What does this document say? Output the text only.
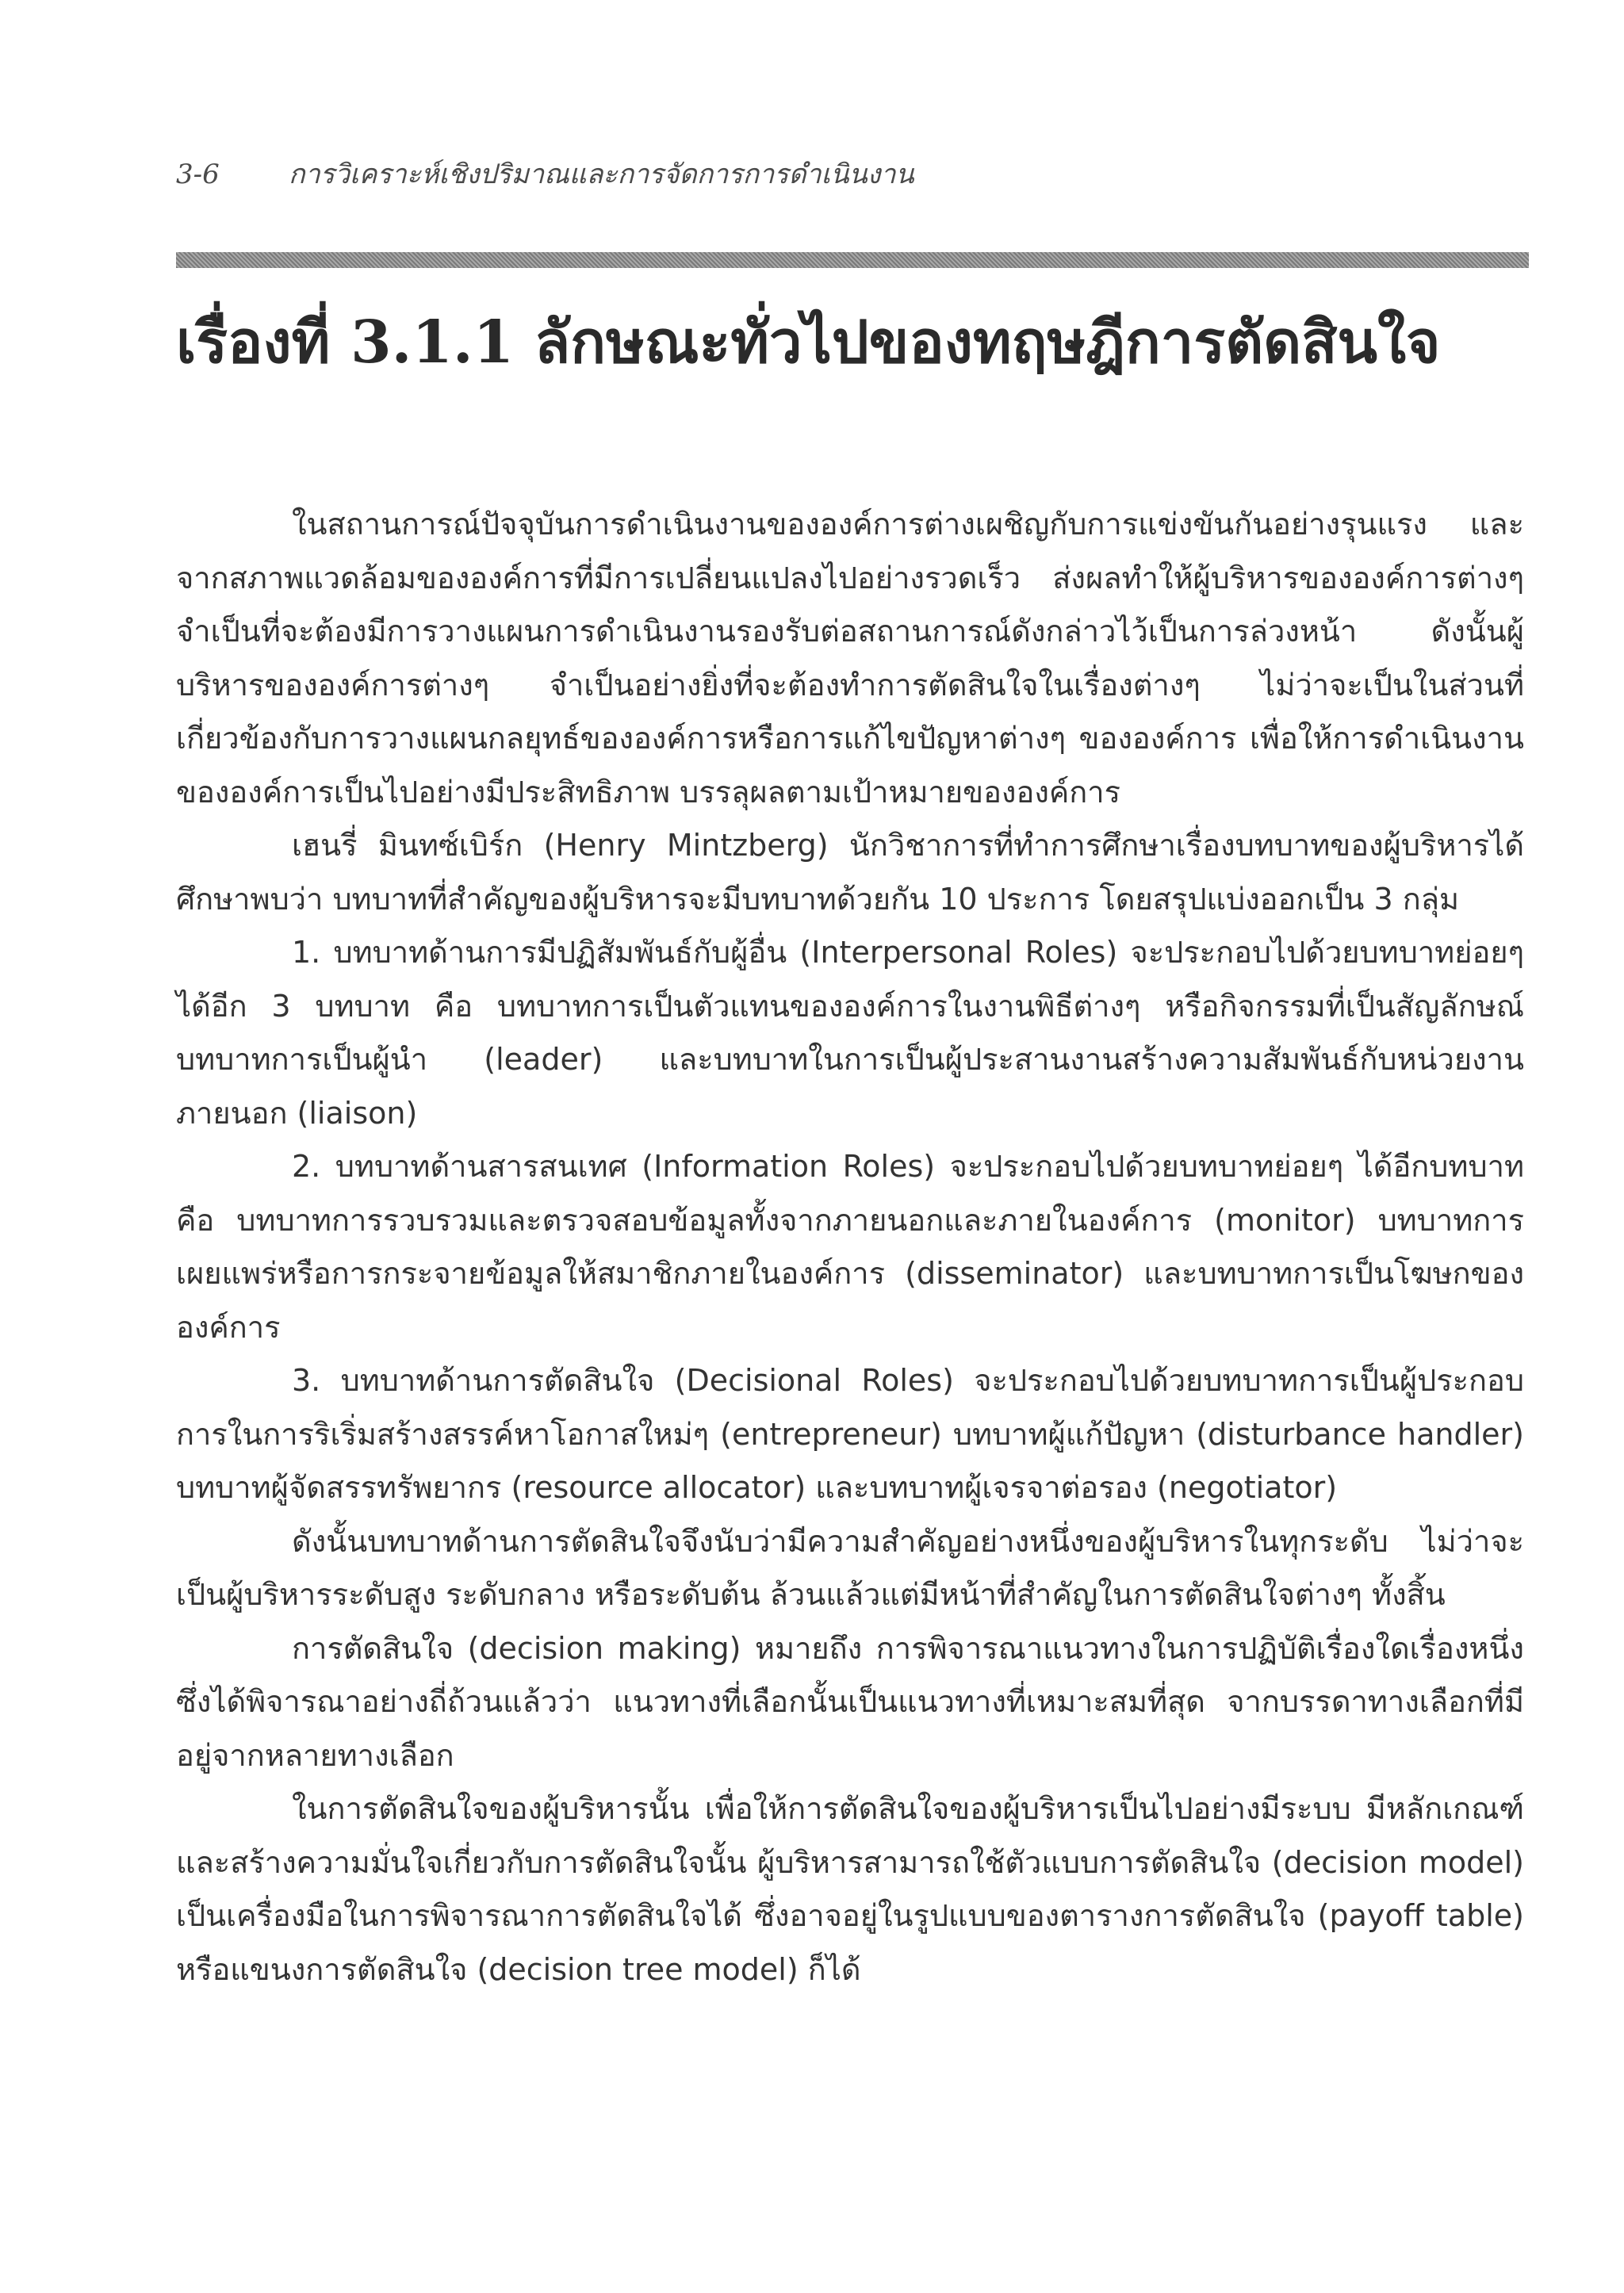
3-6	การวิเคราะห์เชิงปริมาณและการจัดการการดำเนินงาน
เรื่องที่ 3.1.1 ลักษณะทั่วไปของทฤษฎีการตัดสินใจ

ในสถานการณ์ปัจจุบันการดำเนินงานขององค์การต่างเผชิญกับการแข่งขันกันอย่างรุนแรง และจากสภาพแวดล้อมขององค์การที่มีการเปลี่ยนแปลงไปอย่างรวดเร็ว ส่งผลทำให้ผู้บริหารขององค์การต่างๆ จำเป็นที่จะต้องมีการวางแผนการดำเนินงานรองรับต่อสถานการณ์ดังกล่าวไว้เป็นการล่วงหน้า ดังนั้นผู้บริหารขององค์การต่างๆ จำเป็นอย่างยิ่งที่จะต้องทำการตัดสินใจในเรื่องต่างๆ ไม่ว่าจะเป็นในส่วนที่เกี่ยวข้องกับการวางแผนกลยุทธ์ขององค์การหรือการแก้ไขปัญหาต่างๆ ขององค์การ เพื่อให้การดำเนินงานขององค์การเป็นไปอย่างมีประสิทธิภาพ บรรลุผลตามเป้าหมายขององค์การ

เฮนรี่ มินทซ์เบิร์ก (Henry Mintzberg) นักวิชาการที่ทำการศึกษาเรื่องบทบาทของผู้บริหารได้ศึกษาพบว่า บทบาทที่สำคัญของผู้บริหารจะมีบทบาทด้วยกัน 10 ประการ โดยสรุปแบ่งออกเป็น 3 กลุ่ม

1. บทบาทด้านการมีปฏิสัมพันธ์กับผู้อื่น (Interpersonal Roles) จะประกอบไปด้วยบทบาทย่อยๆ ได้อีก 3 บทบาท คือ บทบาทการเป็นตัวแทนขององค์การในงานพิธีต่างๆ หรือกิจกรรมที่เป็นสัญลักษณ์ บทบาทการเป็นผู้นำ (leader) และบทบาทในการเป็นผู้ประสานงานสร้างความสัมพันธ์กับหน่วยงานภายนอก (liaison)

2. บทบาทด้านสารสนเทศ (Information Roles) จะประกอบไปด้วยบทบาทย่อยๆ ได้อีกบทบาทคือ บทบาทการรวบรวมและตรวจสอบข้อมูลทั้งจากภายนอกและภายในองค์การ (monitor) บทบาทการเผยแพร่หรือการกระจายข้อมูลให้สมาชิกภายในองค์การ (disseminator) และบทบาทการเป็นโฆษกขององค์การ

3. บทบาทด้านการตัดสินใจ (Decisional Roles) จะประกอบไปด้วยบทบาทการเป็นผู้ประกอบการในการริเริ่มสร้างสรรค์หาโอกาสใหม่ๆ (entrepreneur) บทบาทผู้แก้ปัญหา (disturbance handler) บทบาทผู้จัดสรรทรัพยากร (resource allocator) และบทบาทผู้เจรจาต่อรอง (negotiator)

ดังนั้นบทบาทด้านการตัดสินใจจึงนับว่ามีความสำคัญอย่างหนึ่งของผู้บริหารในทุกระดับ ไม่ว่าจะเป็นผู้บริหารระดับสูง ระดับกลาง หรือระดับต้น ล้วนแล้วแต่มีหน้าที่สำคัญในการตัดสินใจต่างๆ ทั้งสิ้น

การตัดสินใจ (decision making) หมายถึง การพิจารณาแนวทางในการปฏิบัติเรื่องใดเรื่องหนึ่ง ซึ่งได้พิจารณาอย่างถี่ถ้วนแล้วว่า แนวทางที่เลือกนั้นเป็นแนวทางที่เหมาะสมที่สุด จากบรรดาทางเลือกที่มีอยู่จากหลายทางเลือก

ในการตัดสินใจของผู้บริหารนั้น เพื่อให้การตัดสินใจของผู้บริหารเป็นไปอย่างมีระบบ มีหลักเกณฑ์และสร้างความมั่นใจเกี่ยวกับการตัดสินใจนั้น ผู้บริหารสามารถใช้ตัวแบบการตัดสินใจ (decision model) เป็นเครื่องมือในการพิจารณาการตัดสินใจได้ ซึ่งอาจอยู่ในรูปแบบของตารางการตัดสินใจ (payoff table) หรือแขนงการตัดสินใจ (decision tree model) ก็ได้
